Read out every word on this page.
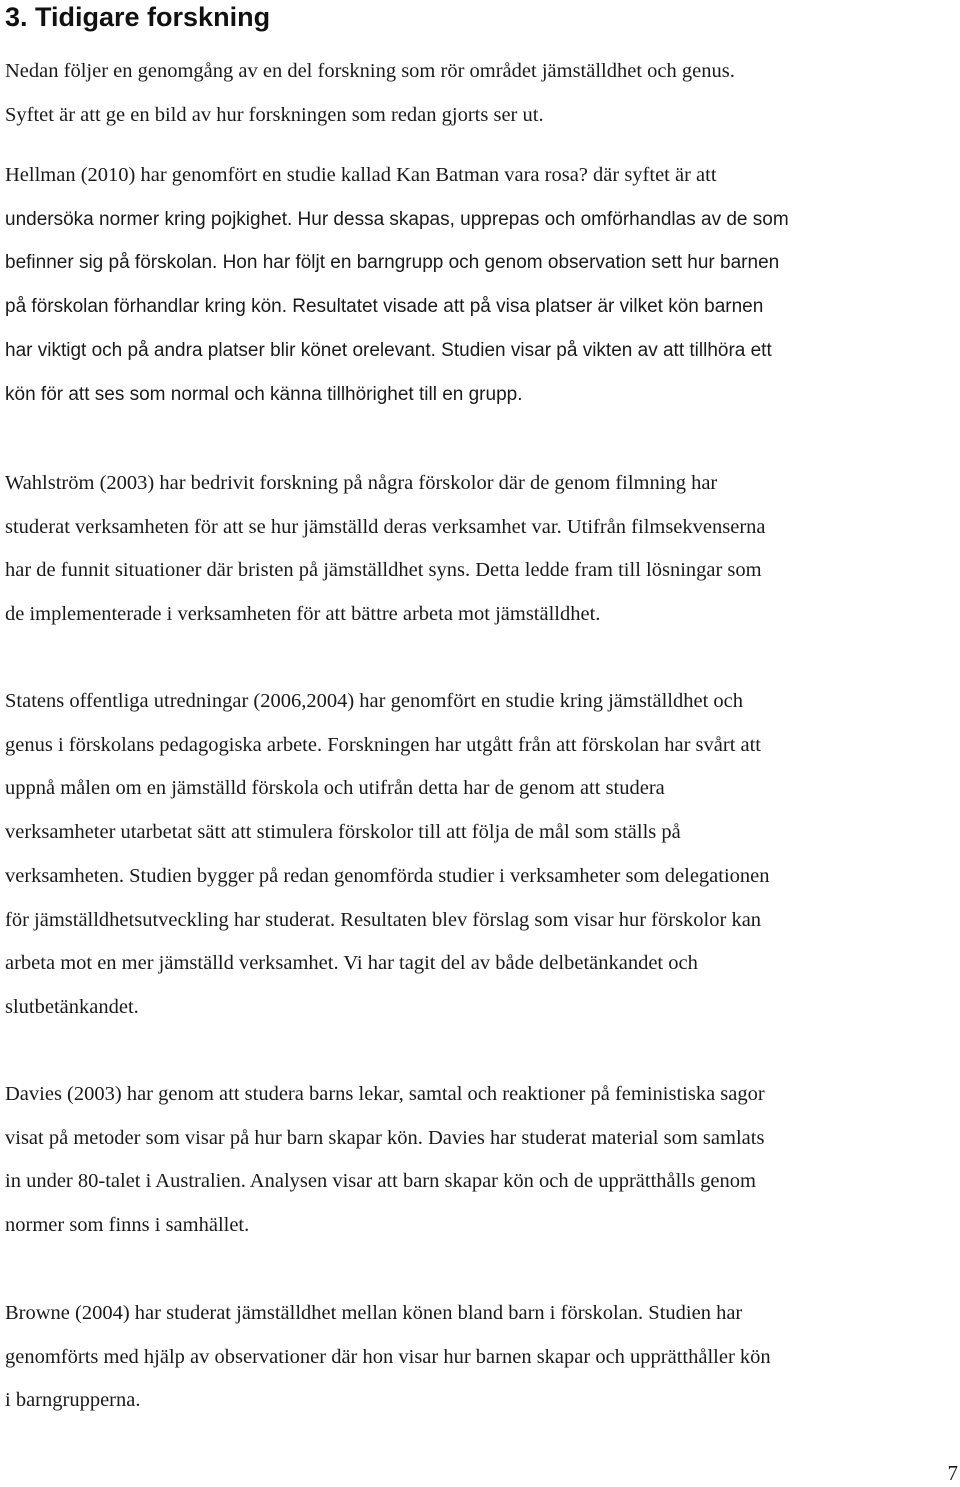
3. Tidigare forskning

Nedan följer en genomgång av en del forskning som rör området jämställdhet och genus.
Syftet är att ge en bild av hur forskningen som redan gjorts ser ut.

Hellman (2010) har genomfört en studie kallad Kan Batman vara rosa? där syftet är att
undersöka normer kring pojkighet. Hur dessa skapas, upprepas och omförhandlas av de som
befinner sig på förskolan. Hon har följt en barngrupp och genom observation sett hur barnen
på förskolan förhandlar kring kön. Resultatet visade att på visa platser är vilket kön barnen
har viktigt och på andra platser blir könet orelevant. Studien visar på vikten av att tillhöra ett
kön för att ses som normal och känna tillhörighet till en grupp.

Wahlström (2003) har bedrivit forskning på några förskolor där de genom filmning har
studerat verksamheten för att se hur jämställd deras verksamhet var. Utifrån filmsekvenserna
har de funnit situationer där bristen på jämställdhet syns. Detta ledde fram till lösningar som
de implementerade i verksamheten för att bättre arbeta mot jämställdhet.

Statens offentliga utredningar (2006,2004) har genomfört en studie kring jämställdhet och
genus i förskolans pedagogiska arbete. Forskningen har utgått från att förskolan har svårt att
uppnå målen om en jämställd förskola och utifrån detta har de genom att studera
verksamheter utarbetat sätt att stimulera förskolor till att följa de mål som ställs på
verksamheten. Studien bygger på redan genomförda studier i verksamheter som delegationen
för jämställdhetsutveckling har studerat. Resultaten blev förslag som visar hur förskolor kan
arbeta mot en mer jämställd verksamhet. Vi har tagit del av både delbetänkandet och
slutbetänkandet.

Davies (2003) har genom att studera barns lekar, samtal och reaktioner på feministiska sagor
visat på metoder som visar på hur barn skapar kön. Davies har studerat material som samlats
in under 80-talet i Australien. Analysen visar att barn skapar kön och de upprätthålls genom
normer som finns i samhället.

Browne (2004) har studerat jämställdhet mellan könen bland barn i förskolan. Studien har
genomförts med hjälp av observationer där hon visar hur barnen skapar och upprätthåller kön
i barngrupperna.

7
